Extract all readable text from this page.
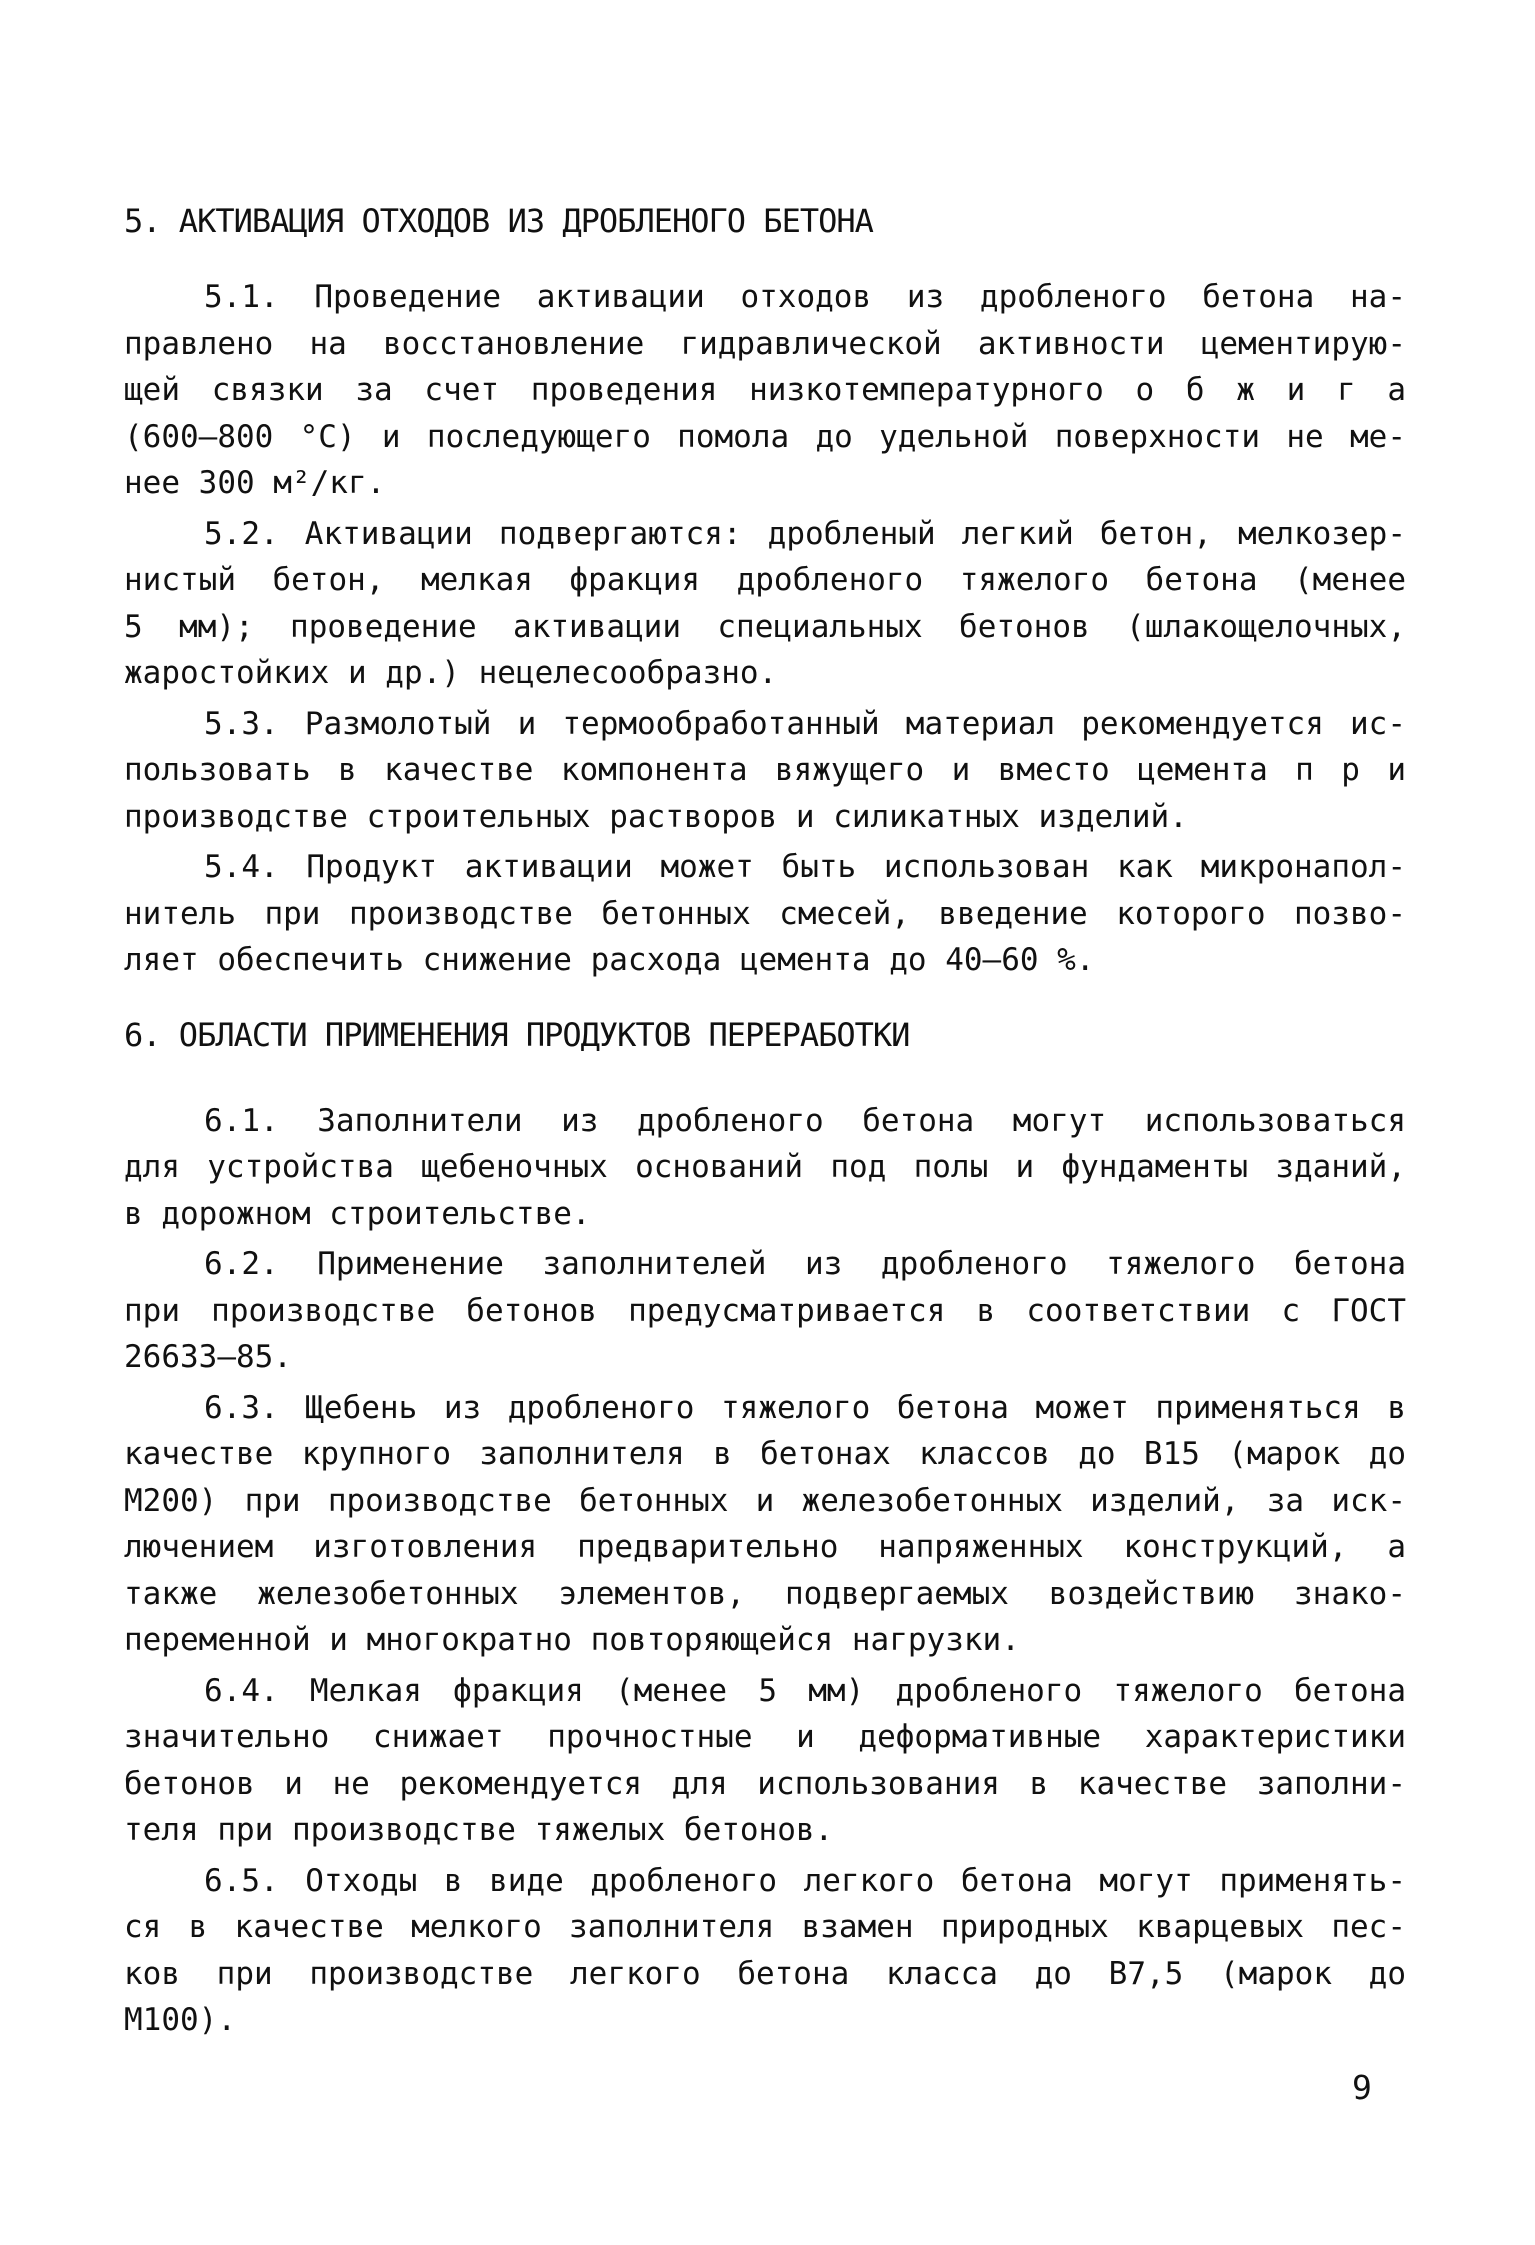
5. АКТИВАЦИЯ ОТХОДОВ ИЗ ДРОБЛЕНОГО БЕТОНА
5.1. Проведение активации отходов из дробленого бетона на-
правлено на восстановление гидравлической активности цементирую-
щей связки за счет проведения низкотемпературного о б ж и г а
(600–800 °С) и последующего помола до удельной поверхности не ме-
нее 300 м²/кг.
5.2. Активации подвергаются: дробленый легкий бетон, мелкозер-
нистый бетон, мелкая фракция дробленого тяжелого бетона (менее
5 мм); проведение активации специальных бетонов (шлакощелочных,
жаростойких и др.) нецелесообразно.
5.3. Размолотый и термообработанный материал рекомендуется ис-
пользовать в качестве компонента вяжущего и вместо цемента п р и
производстве строительных растворов и силикатных изделий.
5.4. Продукт активации может быть использован как микронапол-
нитель при производстве бетонных смесей, введение которого позво-
ляет обеспечить снижение расхода цемента до 40–60 %.
6. ОБЛАСТИ ПРИМЕНЕНИЯ ПРОДУКТОВ ПЕРЕРАБОТКИ
6.1. Заполнители из дробленого бетона могут использоваться
для устройства щебеночных оснований под полы и фундаменты зданий,
в дорожном строительстве.
6.2. Применение заполнителей из дробленого тяжелого бетона
при производстве бетонов предусматривается в соответствии с ГОСТ
26633–85.
6.3. Щебень из дробленого тяжелого бетона может применяться в
качестве крупного заполнителя в бетонах классов до В15 (марок до
М200) при производстве бетонных и железобетонных изделий, за иск-
лючением изготовления предварительно напряженных конструкций, а
также железобетонных элементов, подвергаемых воздействию знако-
переменной и многократно повторяющейся нагрузки.
6.4. Мелкая фракция (менее 5 мм) дробленого тяжелого бетона
значительно снижает прочностные и деформативные характеристики
бетонов и не рекомендуется для использования в качестве заполни-
теля при производстве тяжелых бетонов.
6.5. Отходы в виде дробленого легкого бетона могут применять-
ся в качестве мелкого заполнителя взамен природных кварцевых пес-
ков при производстве легкого бетона класса до В7,5 (марок до
М100).
9
